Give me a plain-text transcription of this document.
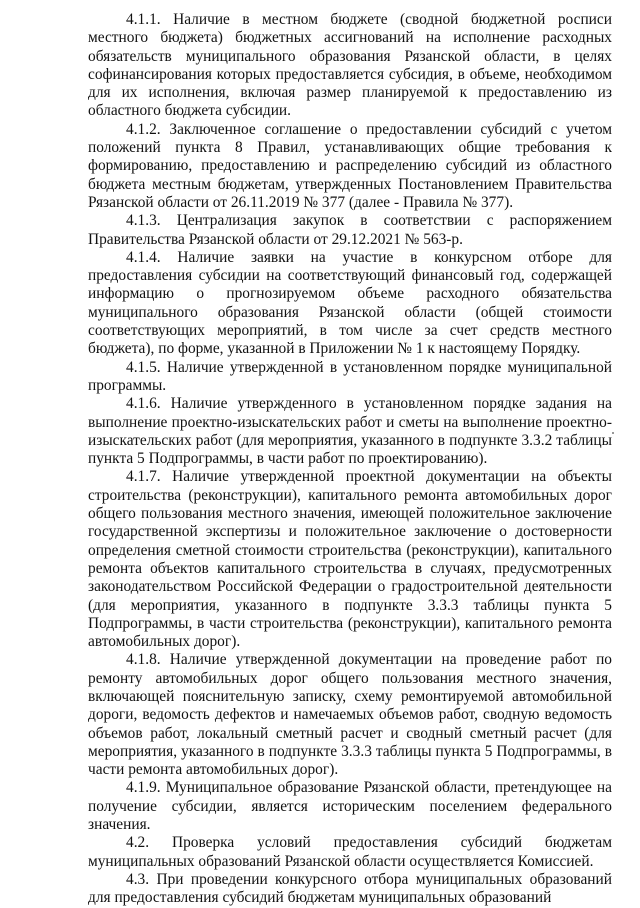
4.1.1. Наличие в местном бюджете (сводной бюджетной росписи местного бюджета) бюджетных ассигнований на исполнение расходных обязательств муниципального образования Рязанской области, в целях софинансирования которых предоставляется субсидия, в объеме, необходимом для их исполнения, включая размер планируемой к предоставлению из областного бюджета субсидии.

4.1.2. Заключенное соглашение о предоставлении субсидий с учетом положений пункта 8 Правил, устанавливающих общие требования к формированию, предоставлению и распределению субсидий из областного бюджета местным бюджетам, утвержденных Постановлением Правительства Рязанской области от 26.11.2019 № 377 (далее - Правила № 377).

4.1.3. Централизация закупок в соответствии с распоряжением Правительства Рязанской области от 29.12.2021 № 563-р.

4.1.4. Наличие заявки на участие в конкурсном отборе для предоставления субсидии на соответствующий финансовый год, содержащей информацию о прогнозируемом объеме расходного обязательства муниципального образования Рязанской области (общей стоимости соответствующих мероприятий, в том числе за счет средств местного бюджета), по форме, указанной в Приложении № 1 к настоящему Порядку.

4.1.5. Наличие утвержденной в установленном порядке муниципальной программы.

4.1.6. Наличие утвержденного в установленном порядке задания на выполнение проектно-изыскательских работ и сметы на выполнение проектно-изыскательских работ (для мероприятия, указанного в подпункте 3.3.2 таблицы пункта 5 Подпрограммы, в части работ по проектированию).

4.1.7. Наличие утвержденной проектной документации на объекты строительства (реконструкции), капитального ремонта автомобильных дорог общего пользования местного значения, имеющей положительное заключение государственной экспертизы и положительное заключение о достоверности определения сметной стоимости строительства (реконструкции), капитального ремонта объектов капитального строительства в случаях, предусмотренных законодательством Российской Федерации о градостроительной деятельности (для мероприятия, указанного в подпункте 3.3.3 таблицы пункта 5 Подпрограммы, в части строительства (реконструкции), капитального ремонта автомобильных дорог).

4.1.8. Наличие утвержденной документации на проведение работ по ремонту автомобильных дорог общего пользования местного значения, включающей пояснительную записку, схему ремонтируемой автомобильной дороги, ведомость дефектов и намечаемых объемов работ, сводную ведомость объемов работ, локальный сметный расчет и сводный сметный расчет (для мероприятия, указанного в подпункте 3.3.3 таблицы пункта 5 Подпрограммы, в части ремонта автомобильных дорог).

4.1.9. Муниципальное образование Рязанской области, претендующее на получение субсидии, является историческим поселением федерального значения.

4.2. Проверка условий предоставления субсидий бюджетам муниципальных образований Рязанской области осуществляется Комиссией.

4.3. При проведении конкурсного отбора муниципальных образований для предоставления субсидий бюджетам муниципальных образований
